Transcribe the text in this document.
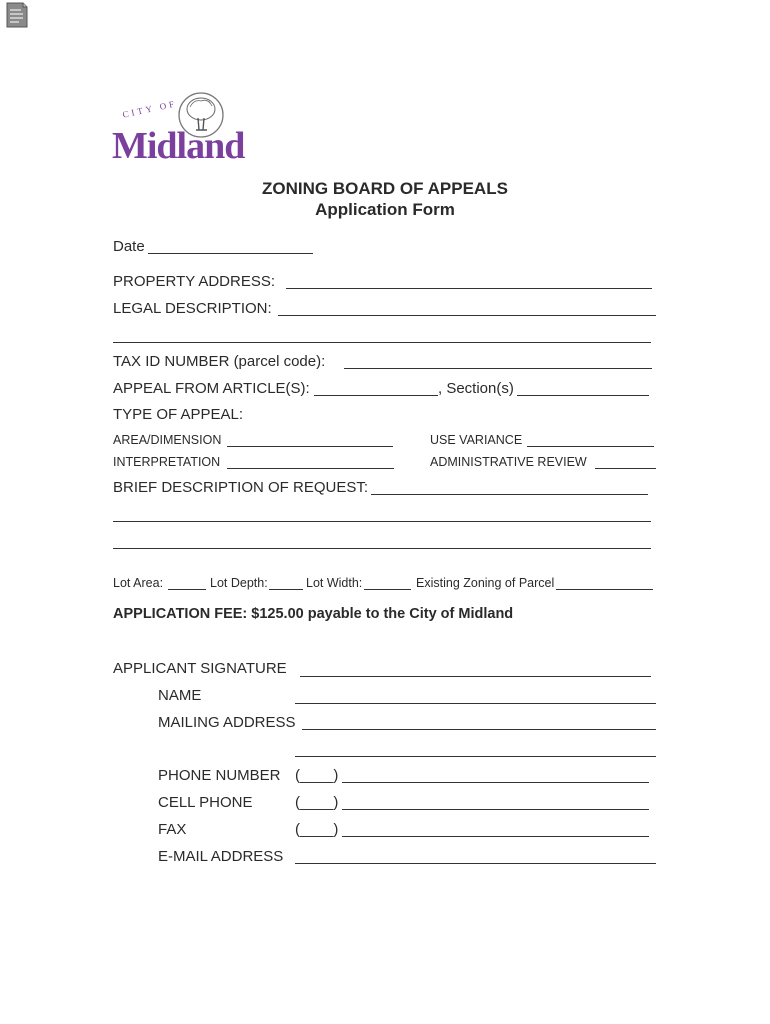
CITY OF
Midland
ZONING BOARD OF APPEALS
Application Form
Date
PROPERTY ADDRESS:
LEGAL DESCRIPTION:
TAX ID NUMBER (parcel code):
APPEAL FROM ARTICLE(S):	, Section(s)
TYPE OF APPEAL:
AREA/DIMENSION	USE VARIANCE
INTERPRETATION	ADMINISTRATIVE REVIEW
BRIEF DESCRIPTION OF REQUEST:
Lot Area:	Lot Depth:	Lot Width:	Existing Zoning of Parcel
APPLICATION FEE: $125.00 payable to the City of Midland
APPLICANT SIGNATURE
NAME
MAILING ADDRESS
PHONE NUMBER (____)
CELL PHONE	(____)
FAX	(____)
E-MAIL ADDRESS
